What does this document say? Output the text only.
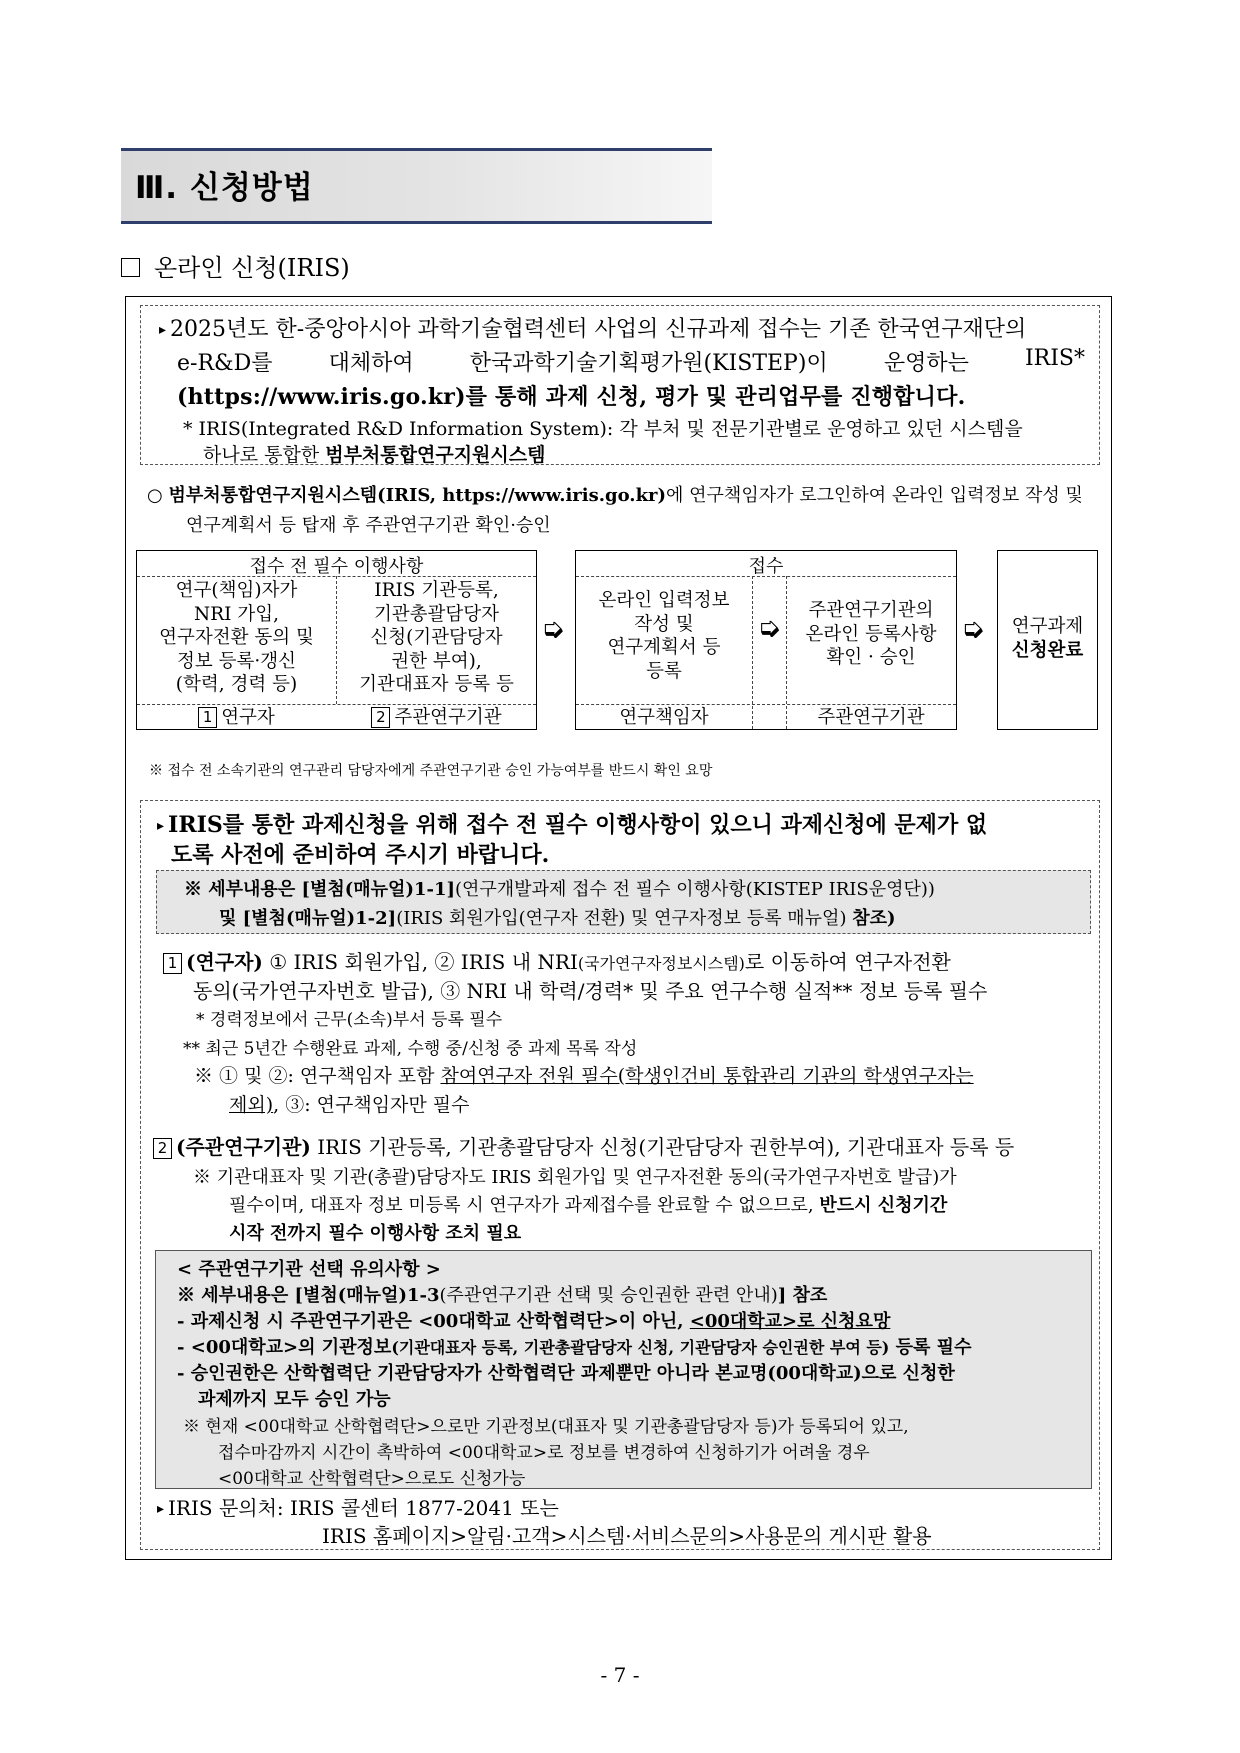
Ⅲ. 신청방법
온라인 신청(IRIS)
▸ 2025년도 한-중앙아시아 과학기술협력센터 사업의 신규과제 접수는 기존 한국연구재단의
e-R&D를	대체하여	한국과학기술기획평가원(KISTEP)이	운영하는	IRIS*
(https://www.iris.go.kr)를 통해 과제 신청, 평가 및 관리업무를 진행합니다.
* IRIS(Integrated R&D Information System): 각 부처 및 전문기관별로 운영하고 있던 시스템을
하나로 통합한 범부처통합연구지원시스템
○ 범부처통합연구지원시스템(IRIS, https://www.iris.go.kr)에 연구책임자가 로그인하여 온라인 입력정보 작성 및
연구계획서 등 탑재 후 주관연구기관 확인·승인
접수 전 필수 이행사항
연구(책임)자가
NRI 가입,
연구자전환 동의 및
정보 등록·갱신
(학력, 경력 등)
IRIS 기관등록,
기관총괄담당자
신청(기관담당자
권한 부여),
기관대표자 등록 등
1 연구자	2 주관연구기관
➭
접수
온라인 입력정보
작성 및
연구계획서 등
등록
➭
주관연구기관의
온라인 등록사항
확인 · 승인
연구책임자	주관연구기관
➭	연구과제
신청완료
※ 접수 전 소속기관의 연구관리 담당자에게 주관연구기관 승인 가능여부를 반드시 확인 요망
▸ IRIS를 통한 과제신청을 위해 접수 전 필수 이행사항이 있으니 과제신청에 문제가 없
도록 사전에 준비하여 주시기 바랍니다.
※ 세부내용은 [별첨(매뉴얼)1-1](연구개발과제 접수 전 필수 이행사항(KISTEP IRIS운영단))
및 [별첨(매뉴얼)1-2](IRIS 회원가입(연구자 전환) 및 연구자정보 등록 매뉴얼) 참조)
1 (연구자) ① IRIS 회원가입, ② IRIS 내 NRI(국가연구자정보시스템)로 이동하여 연구자전환
동의(국가연구자번호 발급), ③ NRI 내 학력/경력* 및 주요 연구수행 실적** 정보 등록 필수
* 경력정보에서 근무(소속)부서 등록 필수
** 최근 5년간 수행완료 과제, 수행 중/신청 중 과제 목록 작성
※ ① 및 ②: 연구책임자 포함 참여연구자 전원 필수(학생인건비 통합관리 기관의 학생연구자는
제외), ③: 연구책임자만 필수
2 (주관연구기관) IRIS 기관등록, 기관총괄담당자 신청(기관담당자 권한부여), 기관대표자 등록 등
※ 기관대표자 및 기관(총괄)담당자도 IRIS 회원가입 및 연구자전환 동의(국가연구자번호 발급)가
필수이며, 대표자 정보 미등록 시 연구자가 과제접수를 완료할 수 없으므로, 반드시 신청기간
시작 전까지 필수 이행사항 조치 필요
< 주관연구기관 선택 유의사항 >
※ 세부내용은 [별첨(매뉴얼)1-3(주관연구기관 선택 및 승인권한 관련 안내)] 참조
- 과제신청 시 주관연구기관은 <00대학교 산학협력단>이 아닌, <00대학교>로 신청요망
- <00대학교>의 기관정보(기관대표자 등록, 기관총괄담당자 신청, 기관담당자 승인권한 부여 등) 등록 필수
- 승인권한은 산학협력단 기관담당자가 산학협력단 과제뿐만 아니라 본교명(00대학교)으로 신청한
과제까지 모두 승인 가능
※ 현재 <00대학교 산학협력단>으로만 기관정보(대표자 및 기관총괄담당자 등)가 등록되어 있고,
접수마감까지 시간이 촉박하여 <00대학교>로 정보를 변경하여 신청하기가 어려울 경우
<00대학교 산학협력단>으로도 신청가능
▸ IRIS 문의처: IRIS 콜센터 1877-2041 또는
IRIS 홈페이지>알림·고객>시스템·서비스문의>사용문의 게시판 활용
- 7 -
